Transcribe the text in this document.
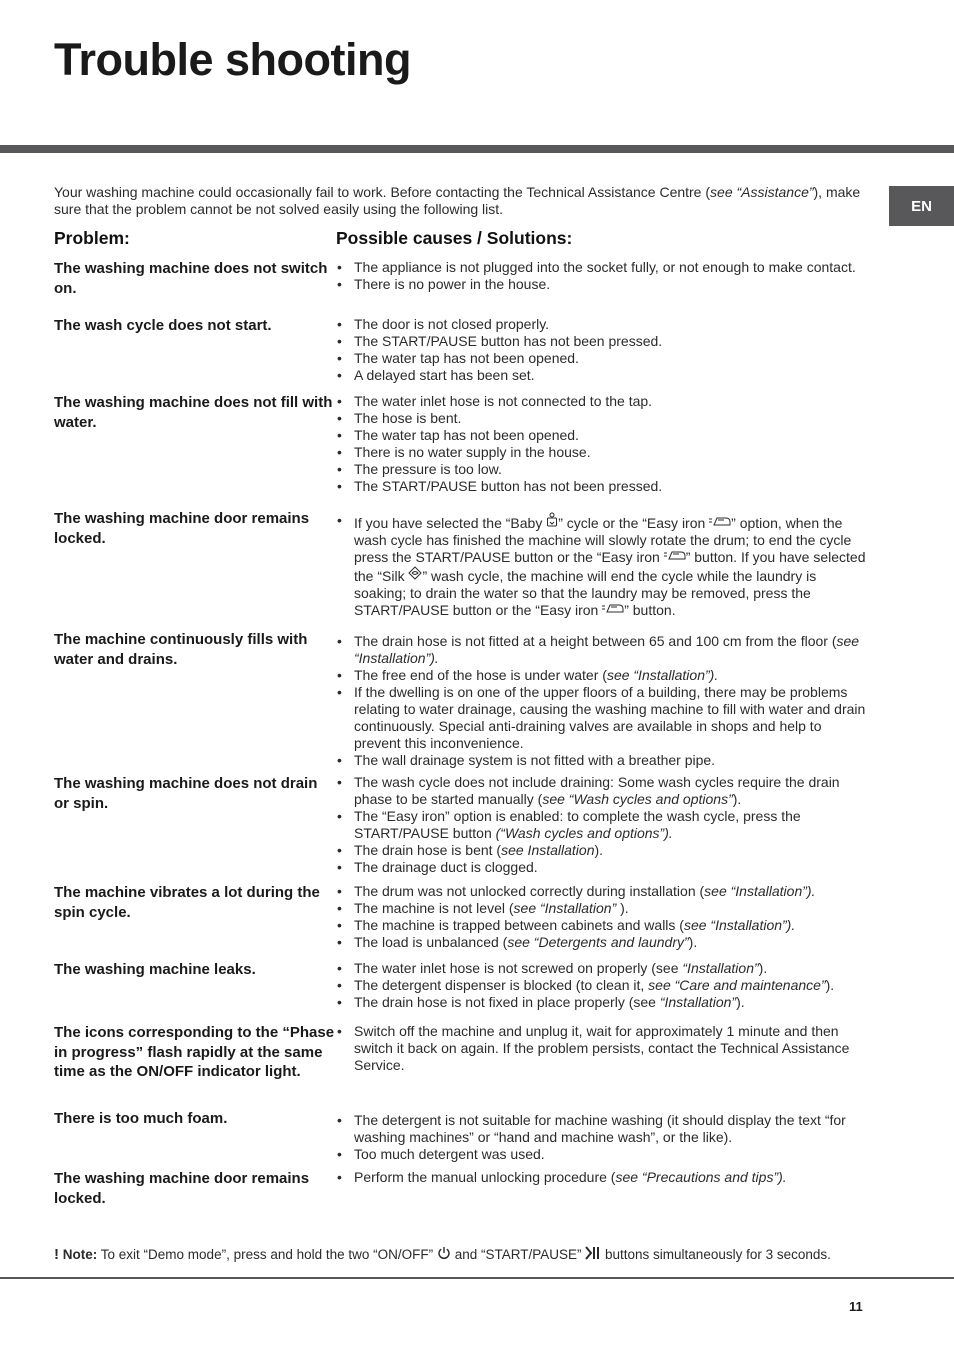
Trouble shooting
EN

Your washing machine could occasionally fail to work. Before contacting the Technical Assistance Centre (see “Assistance”), make sure that the problem cannot be not solved easily using the following list.

Problem:	Possible causes / Solutions:
The washing machine does not switch on.
• The appliance is not plugged into the socket fully, or not enough to make contact.
• There is no power in the house.
The wash cycle does not start.	• The door is not closed properly.
• The START/PAUSE button has not been pressed.
• The water tap has not been opened.
• A delayed start has been set.
The washing machine does not fill with water.
• The water inlet hose is not connected to the tap.
• The hose is bent.
• The water tap has not been opened.
• There is no water supply in the house.
• The pressure is too low.
• The START/PAUSE button has not been pressed.
The washing machine door remains locked.
• If you have selected the “Baby ” cycle or the “Easy iron ” option, when the wash cycle has finished the machine will slowly rotate the drum; to end the cycle press the START/PAUSE button or the “Easy iron ” button. If you have selected the “Silk ” wash cycle, the machine will end the cycle while the laundry is soaking; to drain the water so that the laundry may be removed, press the START/PAUSE button or the “Easy iron ” button.
The machine continuously fills with water and drains.
• The drain hose is not fitted at a height between 65 and 100 cm from the floor (see “Installation”).
• The free end of the hose is under water (see “Installation”).
• If the dwelling is on one of the upper floors of a building, there may be problems relating to water drainage, causing the washing machine to fill with water and drain continuously. Special anti-draining valves are available in shops and help to prevent this inconvenience.
• The wall drainage system is not fitted with a breather pipe.
The washing machine does not drain or spin.
• The wash cycle does not include draining: Some wash cycles require the drain phase to be started manually (see “Wash cycles and options”).
• The “Easy iron” option is enabled: to complete the wash cycle, press the START/PAUSE button (“Wash cycles and options”).
• The drain hose is bent (see Installation).
• The drainage duct is clogged.
The machine vibrates a lot during the spin cycle.
• The drum was not unlocked correctly during installation (see “Installation”).
• The machine is not level (see “Installation” ).
• The machine is trapped between cabinets and walls (see “Installation”).
• The load is unbalanced (see “Detergents and laundry”).
The washing machine leaks.	• The water inlet hose is not screwed on properly (see “Installation”).
• The detergent dispenser is blocked (to clean it, see “Care and maintenance”).
• The drain hose is not fixed in place properly (see “Installation”).
The icons corresponding to the “Phase in progress” flash rapidly at the same time as the ON/OFF indicator light.
• Switch off the machine and unplug it, wait for approximately 1 minute and then switch it back on again. If the problem persists, contact the Technical Assistance Service.
There is too much foam.	• The detergent is not suitable for machine washing (it should display the text “for washing machines” or “hand and machine wash”, or the like).
• Too much detergent was used.
The washing machine door remains locked.
• Perform the manual unlocking procedure (see “Precautions and tips”).

! Note: To exit “Demo mode”, press and hold the two “ON/OFF” and “START/PAUSE” buttons simultaneously for 3 seconds.

11
